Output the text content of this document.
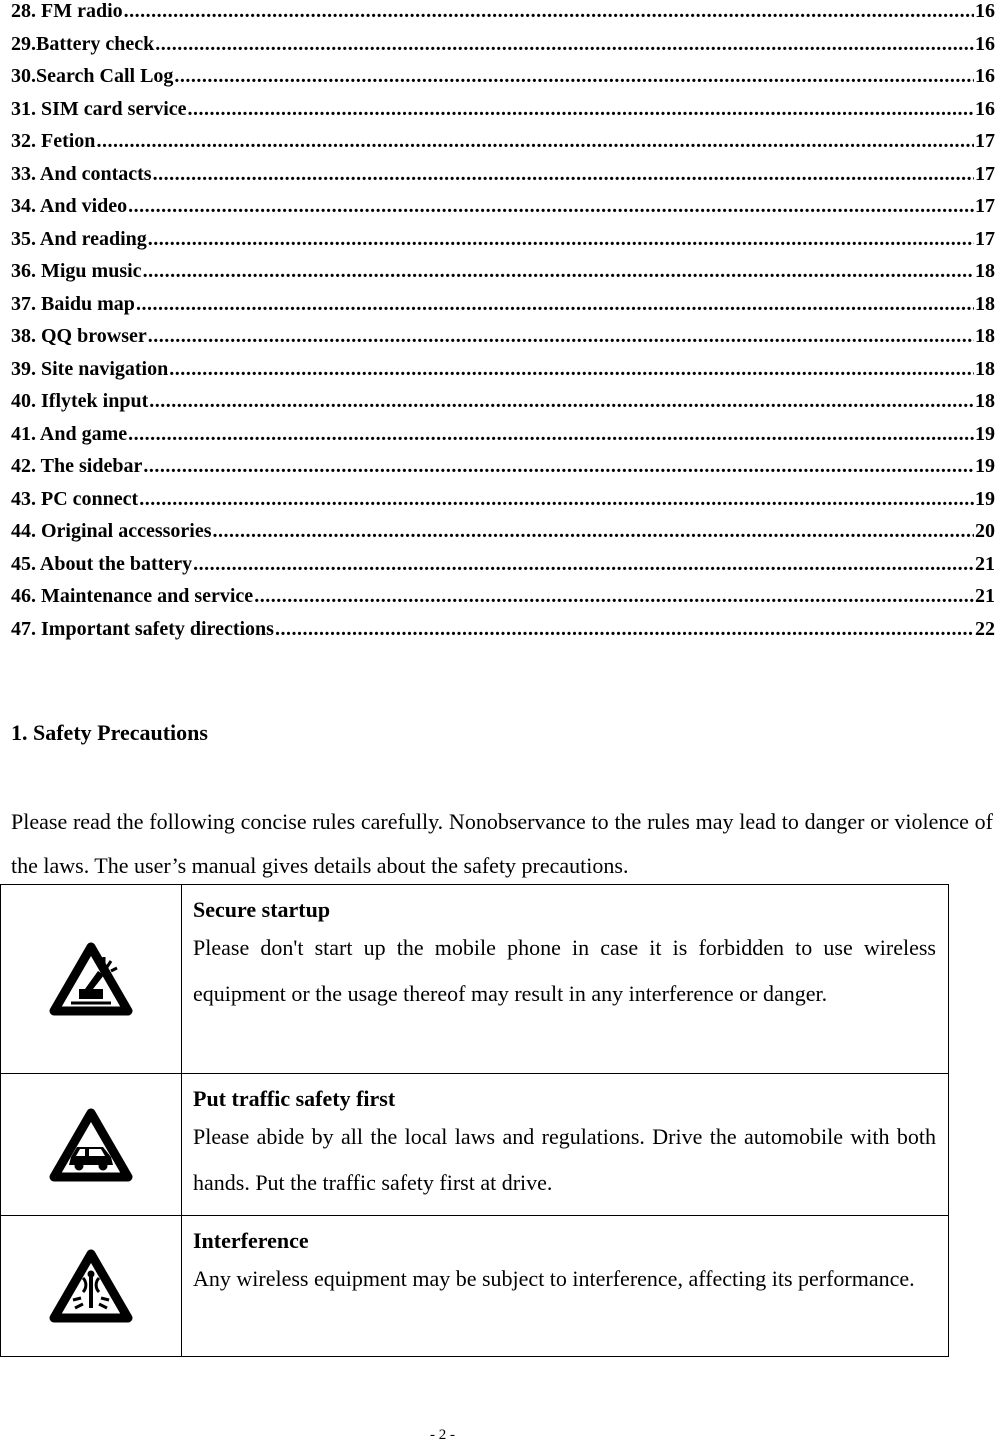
28. FM radio .....	16
29.Battery check .....	16
30.Search Call Log .....	16
31. SIM card service .....	16
32. Fetion .....	17
33. And contacts .....	17
34. And video .....	17
35. And reading .....	17
36. Migu music .....	18
37. Baidu map .....	18
38. QQ browser .....	18
39. Site navigation .....	18
40. Iflytek input .....	18
41. And game .....	19
42. The sidebar .....	19
43. PC connect .....	19
44. Original accessories .....	20
45. About the battery .....	21
46. Maintenance and service .....	21
47. Important safety directions .....	22
1. Safety Precautions

Please read the following concise rules carefully. Nonobservance to the rules may lead to danger or violence of the laws. The user’s manual gives details about the safety precautions.

Secure startup

Please don't start up the mobile phone in case it is forbidden to use wireless equipment or the usage thereof may result in any interference or danger.

Put traffic safety first

Please abide by all the local laws and regulations. Drive the automobile with both hands. Put the traffic safety first at drive.

Interference

Any wireless equipment may be subject to interference, affecting its performance.

- 2 -
